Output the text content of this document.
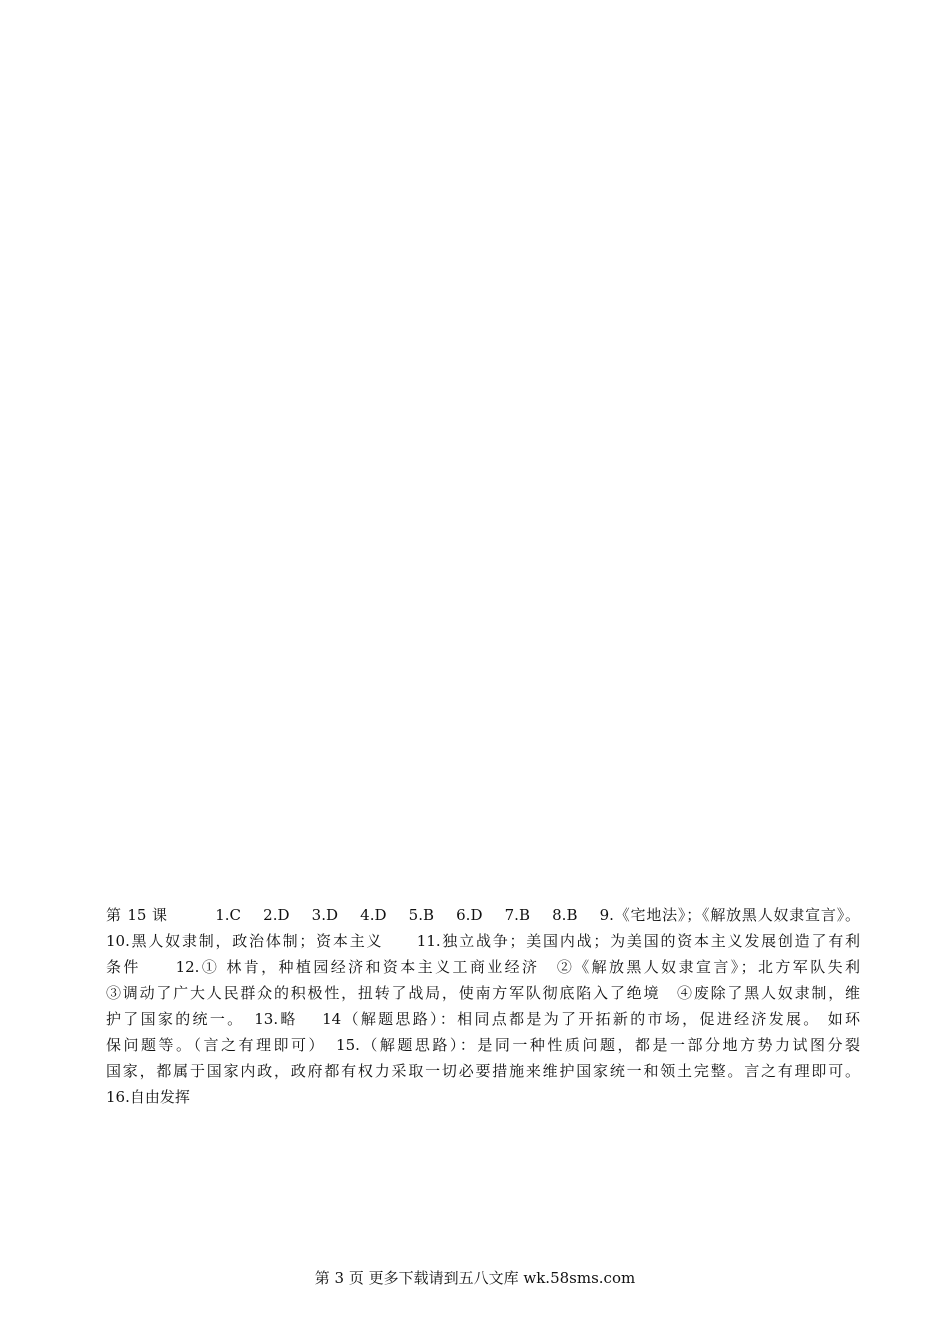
第 15 课　　　1.C　 2.D　 3.D　 4.D　 5.B　 6.D　 7.B　 8.B　 9.《宅地法》；《解放黑人奴隶宣言》。
10.黑人奴隶制，政治体制；资本主义　　11.独立战争；美国内战；为美国的资本主义发展创造了有利
条件　　12.① 林肯，种植园经济和资本主义工商业经济　②《解放黑人奴隶宣言》；北方军队失利
③调动了广大人民群众的积极性，扭转了战局，使南方军队彻底陷入了绝境　④废除了黑人奴隶制，维
护了国家的统一。　13.略　 14（解题思路）：相同点都是为了开拓新的市场，促进经济发展。 如环
保问题等。（言之有理即可）　15.（解题思路）：是同一种性质问题，都是一部分地方势力试图分裂
国家，都属于国家内政，政府都有权力采取一切必要措施来维护国家统一和领土完整。言之有理即可。
16.自由发挥
第 3 页 更多下载请到五八文库 wk.58sms.com
